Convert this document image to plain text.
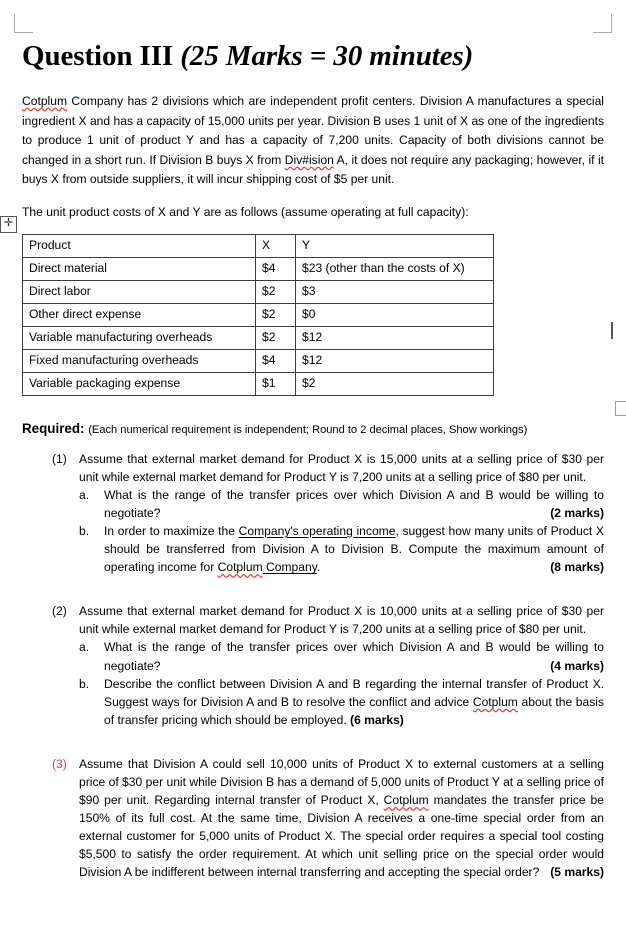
Question III (25 Marks = 30 minutes)

Cotplum Company has 2 divisions which are independent profit centers. Division A manufactures a special ingredient X and has a capacity of 15,000 units per year. Division B uses 1 unit of X as one of the ingredients to produce 1 unit of product Y and has a capacity of 7,200 units. Capacity of both divisions cannot be changed in a short run. If Division B buys X from Div#ision A, it does not require any packaging; however, if it buys X from outside suppliers, it will incur shipping cost of $5 per unit.

The unit product costs of X and Y are as follows (assume operating at full capacity):

✛
Product	X	Y
Direct material	$4	$23 (other than the costs of X)
Direct labor	$2	$3
Other direct expense	$2	$0
Variable manufacturing overheads	$2	$12
Fixed manufacturing overheads	$4	$12
Variable packaging expense	$1	$2
Required: (Each numerical requirement is independent; Round to 2 decimal places, Show workings)
(1)	Assume that external market demand for Product X is 15,000 units at a selling price of $30 per unit while external market demand for Product Y is 7,200 units at a selling price of $80 per unit.
a.	What is the range of the transfer prices over which Division A and B would be willing to negotiate?	(2 marks)
b.	In order to maximize the Company's operating income, suggest how many units of Product X should be transferred from Division A to Division B. Compute the maximum amount of operating income for Cotplum Company.	(8 marks)
(2)	Assume that external market demand for Product X is 10,000 units at a selling price of $30 per unit while external market demand for Product Y is 7,200 units at a selling price of $80 per unit.
a.	What is the range of the transfer prices over which Division A and B would be willing to negotiate?	(4 marks)
b.	Describe the conflict between Division A and B regarding the internal transfer of Product X. Suggest ways for Division A and B to resolve the conflict and advice Cotplum about the basis of transfer pricing which should be employed. (6 marks)
(3)	Assume that Division A could sell 10,000 units of Product X to external customers at a selling price of $30 per unit while Division B has a demand of 5,000 units of Product Y at a selling price of $90 per unit. Regarding internal transfer of Product X, Cotplum mandates the transfer price be 150% of its full cost. At the same time, Division A receives a one-time special order from an external customer for 5,000 units of Product X. The special order requires a special tool costing $5,500 to satisfy the order requirement. At which unit selling price on the special order would Division A be indifferent between internal transferring and accepting the special order? (5 marks)
